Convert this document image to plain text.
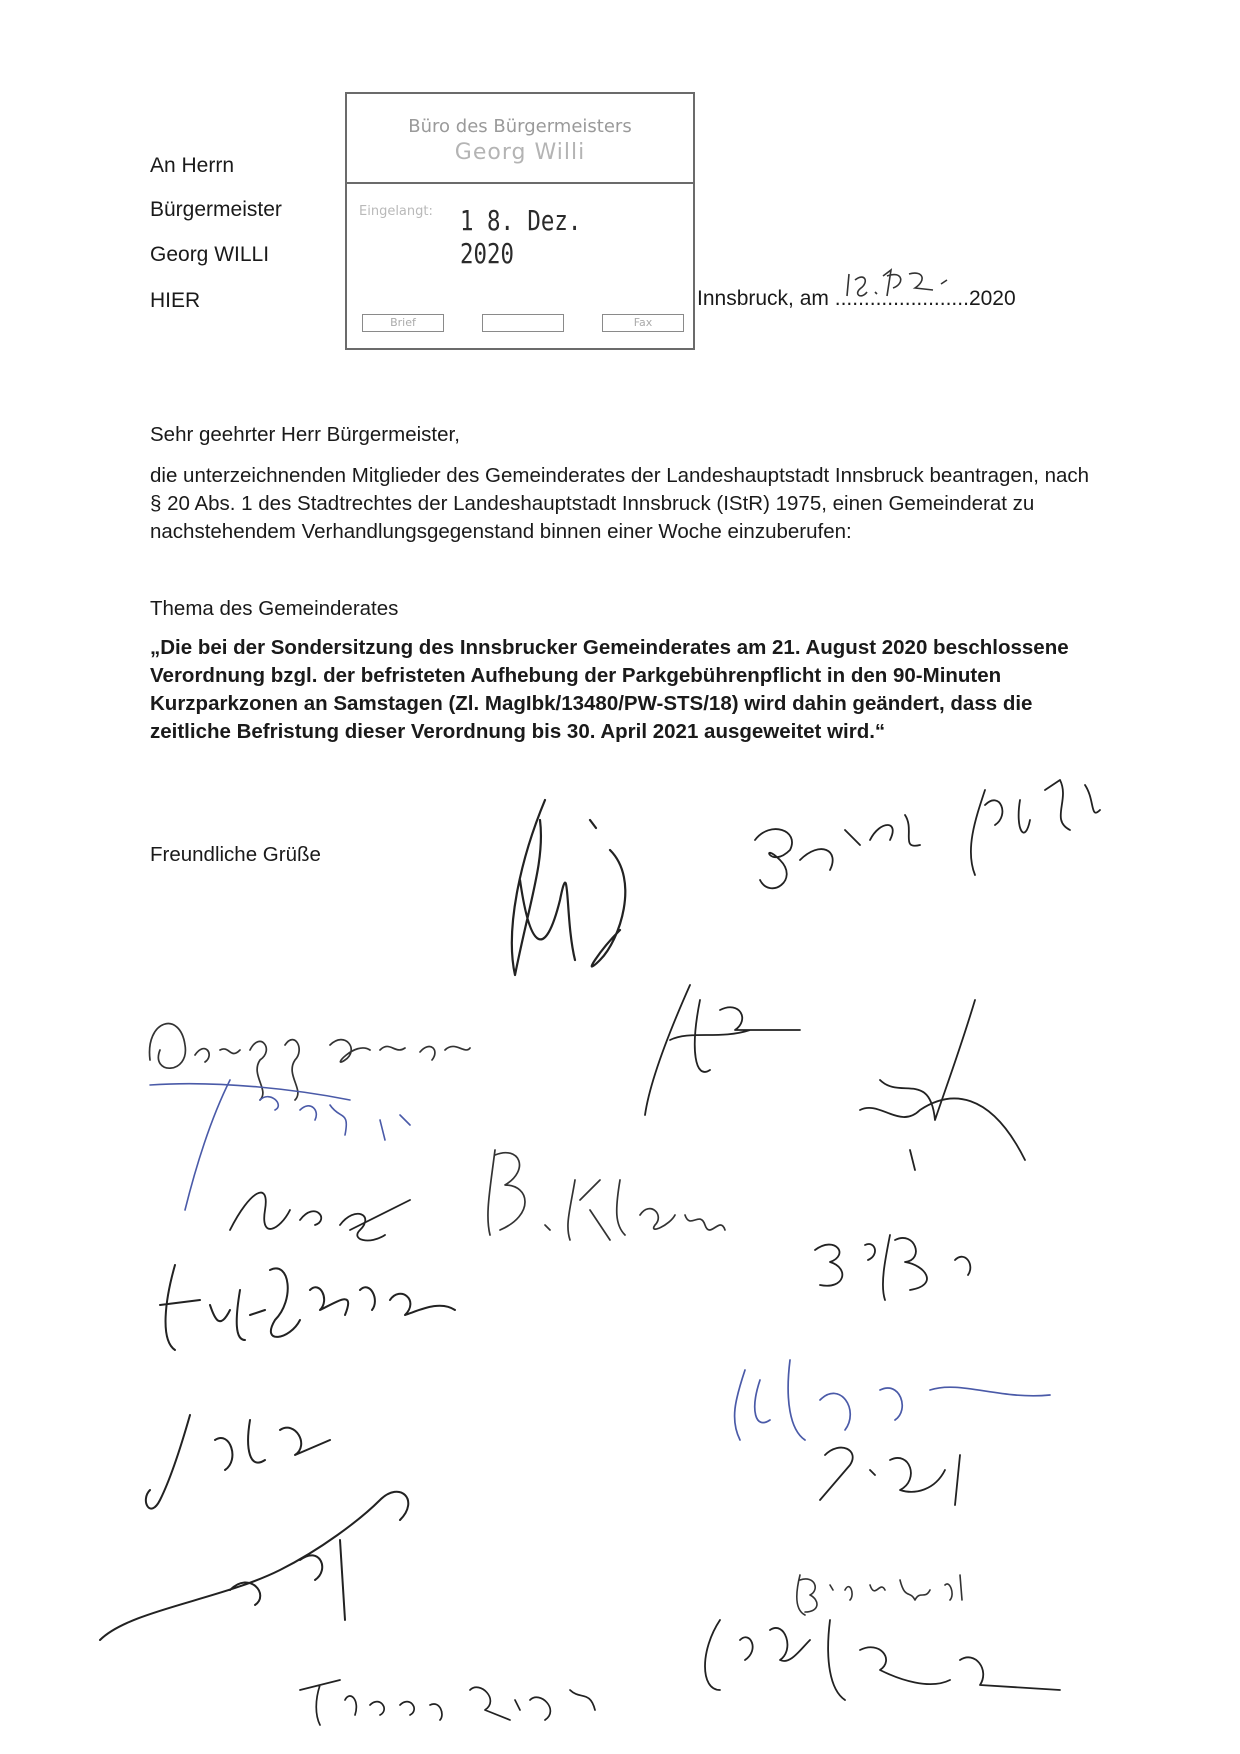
An Herrn
Bürgermeister
Georg WILLI
HIER
Büro des Bürgermeisters
Georg Willi
Eingelangt: 1 8. Dez. 2020
Brief	Fax
Innsbruck, am .......................2020
Sehr geehrter Herr Bürgermeister,
die unterzeichnenden Mitglieder des Gemeinderates der Landeshauptstadt Innsbruck beantragen, nach § 20 Abs. 1 des Stadtrechtes der Landeshauptstadt Innsbruck (IStR) 1975, einen Gemeinderat zu nachstehendem Verhandlungsgegenstand binnen einer Woche einzuberufen:
Thema des Gemeinderates
„Die bei der Sondersitzung des Innsbrucker Gemeinderates am 21. August 2020 beschlossene Verordnung bzgl. der befristeten Aufhebung der Parkgebührenpflicht in den 90-Minuten Kurzparkzonen an Samstagen (Zl. MagIbk/13480/PW-STS/18) wird dahin geändert, dass die zeitliche Befristung dieser Verordnung bis 30. April 2021 ausgeweitet wird.“
Freundliche Grüße
